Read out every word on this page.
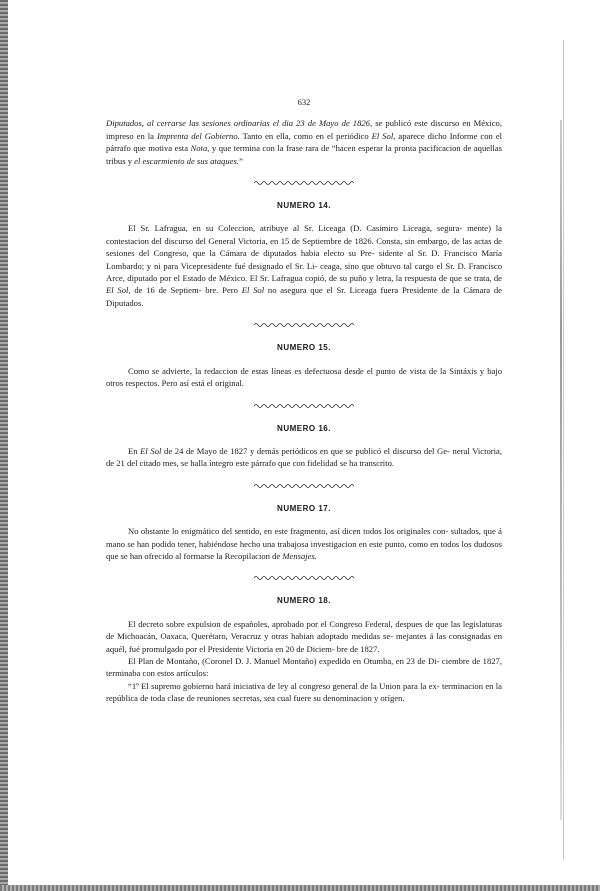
632

Diputados, al cerrarse las sesiones ordinarias el dia 23 de Mayo de 1826, se publicó este discurso en México, impreso en la Imprenta del Gobierno. Tanto en ella, como en el periódico El Sol, aparece dicho Informe con el párrafo que motiva esta Nota, y que termina con la frase rara de “hacen esperar la pronta pacificacion de aquellas tribus y el escarmiento de sus ataques.”

NUMERO 14.

El Sr. Lafragua, en su Coleccion, atribuye al Sr. Liceaga (D. Casimiro Liceaga, segura- mente) la contestacion del discurso del General Victoria, en 15 de Septiembre de 1826. Consta, sin embargo, de las actas de sesiones del Congreso, que la Cámara de diputados habia electo su Pre- sidente al Sr. D. Francisco María Lombardo; y ni para Vicepresidente fué designado el Sr. Li- ceaga, sino que obtuvo tal cargo el Sr. D. Francisco Arce, diputado por el Estado de México. El Sr. Lafragua copió, de su puño y letra, la respuesta de que se trata, de El Sol, de 16 de Septiem- bre. Pero El Sol no asegura que el Sr. Liceaga fuera Presidente de la Cámara de Diputados.

NUMERO 15.

Como se advierte, la redaccion de estas líneas es defectuosa desde el punto de vista de la Sintáxis y bajo otros respectos. Pero así está el original.

NUMERO 16.

En El Sol de 24 de Mayo de 1827 y demás periódicos en que se publicó el discurso del Ge- neral Victoria, de 21 del citado mes, se halla íntegro este párrafo que con fidelidad se ha transcrito.

NUMERO 17.

No obstante lo enigmático del sentido, en este fragmento, así dicen todos los originales con- sultados, que á mano se han podido tener, habiéndose hecho una trabajosa investigacion en este punto, como en todos los dudosos que se han ofrecido al formarse la Recopilacion de Mensajes.

NUMERO 18.

El decreto sobre expulsion de españoles, aprobado por el Congreso Federal, despues de que las legislaturas de Michoacán, Oaxaca, Querétaro, Veracruz y otras habian adoptado medidas se- mejantes á las consignadas en aquél, fué promulgado por el Presidente Victoria en 20 de Diciem- bre de 1827.

El Plan de Montaño, (Coronel D. J. Manuel Montaño) expedido en Otumba, en 23 de Di- ciembre de 1827, terminaba con estos artículos:

“1º El supremo gobierno hará iniciativa de ley al congreso general de la Union para la ex- terminacion en la república de toda clase de reuniones secretas, sea cual fuere su denominacion y orígen.
